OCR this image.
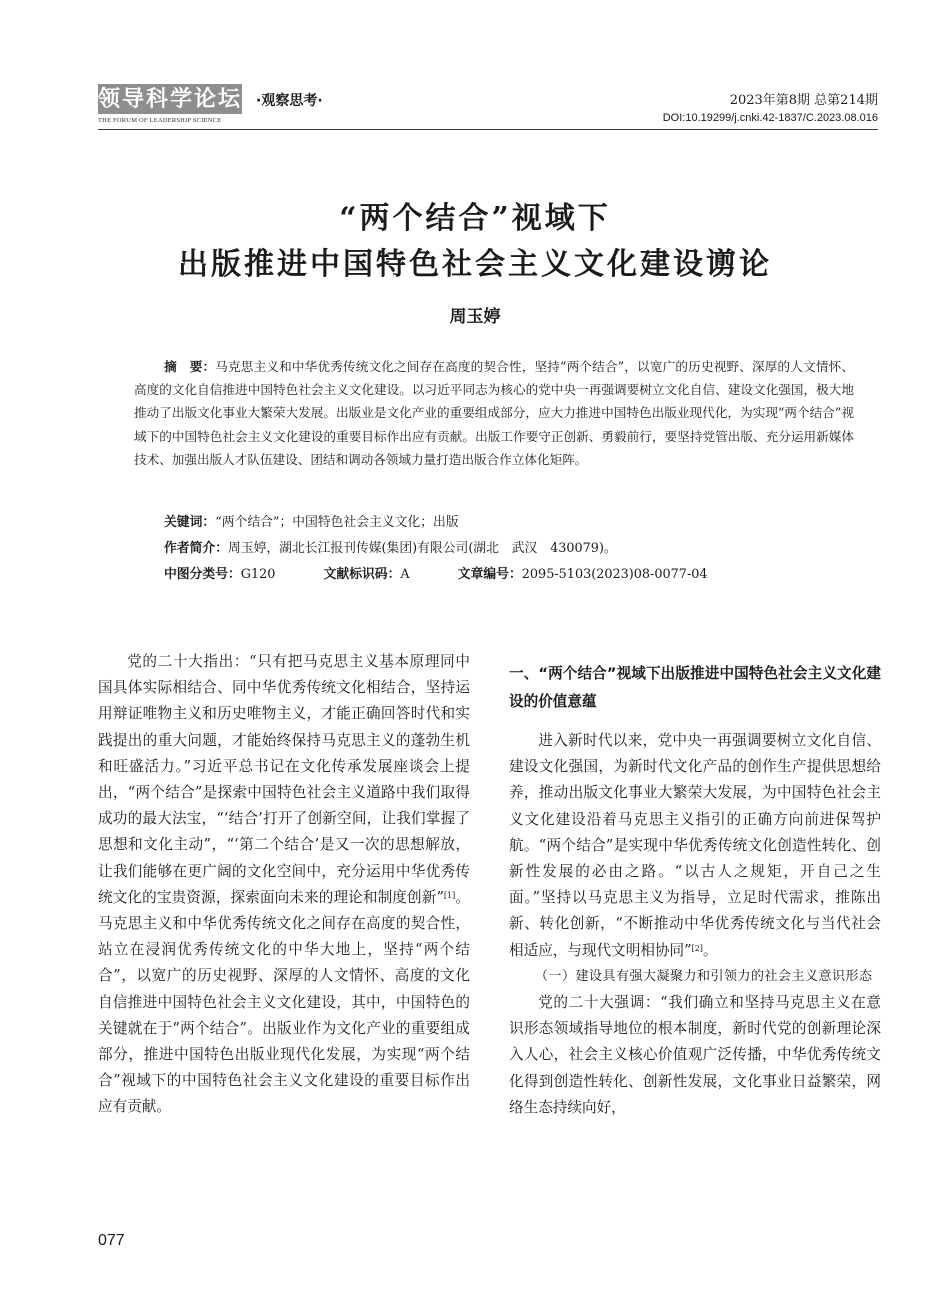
领导科学论坛
THE FORUM OF LEADERSHIP SCIENCE
·观察思考·	2023年第8期 总第214期
DOI:10.19299/j.cnki.42-1837/C.2023.08.016
“两个结合”视域下
出版推进中国特色社会主义文化建设谫论
周玉婷
摘　要：马克思主义和中华优秀传统文化之间存在高度的契合性，坚持“两个结合”，以宽广的历史视野、深厚的人文情怀、高度的文化自信推进中国特色社会主义文化建设。以习近平同志为核心的党中央一再强调要树立文化自信、建设文化强国，极大地推动了出版文化事业大繁荣大发展。出版业是文化产业的重要组成部分，应大力推进中国特色出版业现代化，为实现“两个结合”视域下的中国特色社会主义文化建设的重要目标作出应有贡献。出版工作要守正创新、勇毅前行，要坚持党管出版、充分运用新媒体技术、加强出版人才队伍建设、团结和调动各领域力量打造出版合作立体化矩阵。
关键词：“两个结合”；中国特色社会主义文化；出版
作者简介：周玉婷，湖北长江报刊传媒(集团)有限公司(湖北　武汉　430079)。
中图分类号：G120	文献标识码：A	文章编号：2095-5103(2023)08-0077-04

党的二十大指出：“只有把马克思主义基本原理同中国具体实际相结合、同中华优秀传统文化相结合，坚持运用辩证唯物主义和历史唯物主义，才能正确回答时代和实践提出的重大问题，才能始终保持马克思主义的蓬勃生机和旺盛活力。”习近平总书记在文化传承发展座谈会上提出，“两个结合”是探索中国特色社会主义道路中我们取得成功的最大法宝，“‘结合’打开了创新空间，让我们掌握了思想和文化主动”，“‘第二个结合’是又一次的思想解放，让我们能够在更广阔的文化空间中，充分运用中华优秀传统文化的宝贵资源，探索面向未来的理论和制度创新”[1]。马克思主义和中华优秀传统文化之间存在高度的契合性，站立在浸润优秀传统文化的中华大地上，坚持“两个结合”，以宽广的历史视野、深厚的人文情怀、高度的文化自信推进中国特色社会主义文化建设，其中，中国特色的关键就在于“两个结合”。出版业作为文化产业的重要组成部分，推进中国特色出版业现代化发展，为实现“两个结合”视域下的中国特色社会主义文化建设的重要目标作出应有贡献。

一、“两个结合”视域下出版推进中国特色社会主义文化建设的价值意蕴

进入新时代以来，党中央一再强调要树立文化自信、建设文化强国，为新时代文化产品的创作生产提供思想给养，推动出版文化事业大繁荣大发展，为中国特色社会主义文化建设沿着马克思主义指引的正确方向前进保驾护航。“两个结合”是实现中华优秀传统文化创造性转化、创新性发展的必由之路。“以古人之规矩，开自己之生面。”坚持以马克思主义为指导，立足时代需求，推陈出新、转化创新，“不断推动中华优秀传统文化与当代社会相适应，与现代文明相协同”[2]。

（一）建设具有强大凝聚力和引领力的社会主义意识形态

党的二十大强调：“我们确立和坚持马克思主义在意识形态领域指导地位的根本制度，新时代党的创新理论深入人心，社会主义核心价值观广泛传播，中华优秀传统文化得到创造性转化、创新性发展，文化事业日益繁荣，网络生态持续向好，

077
